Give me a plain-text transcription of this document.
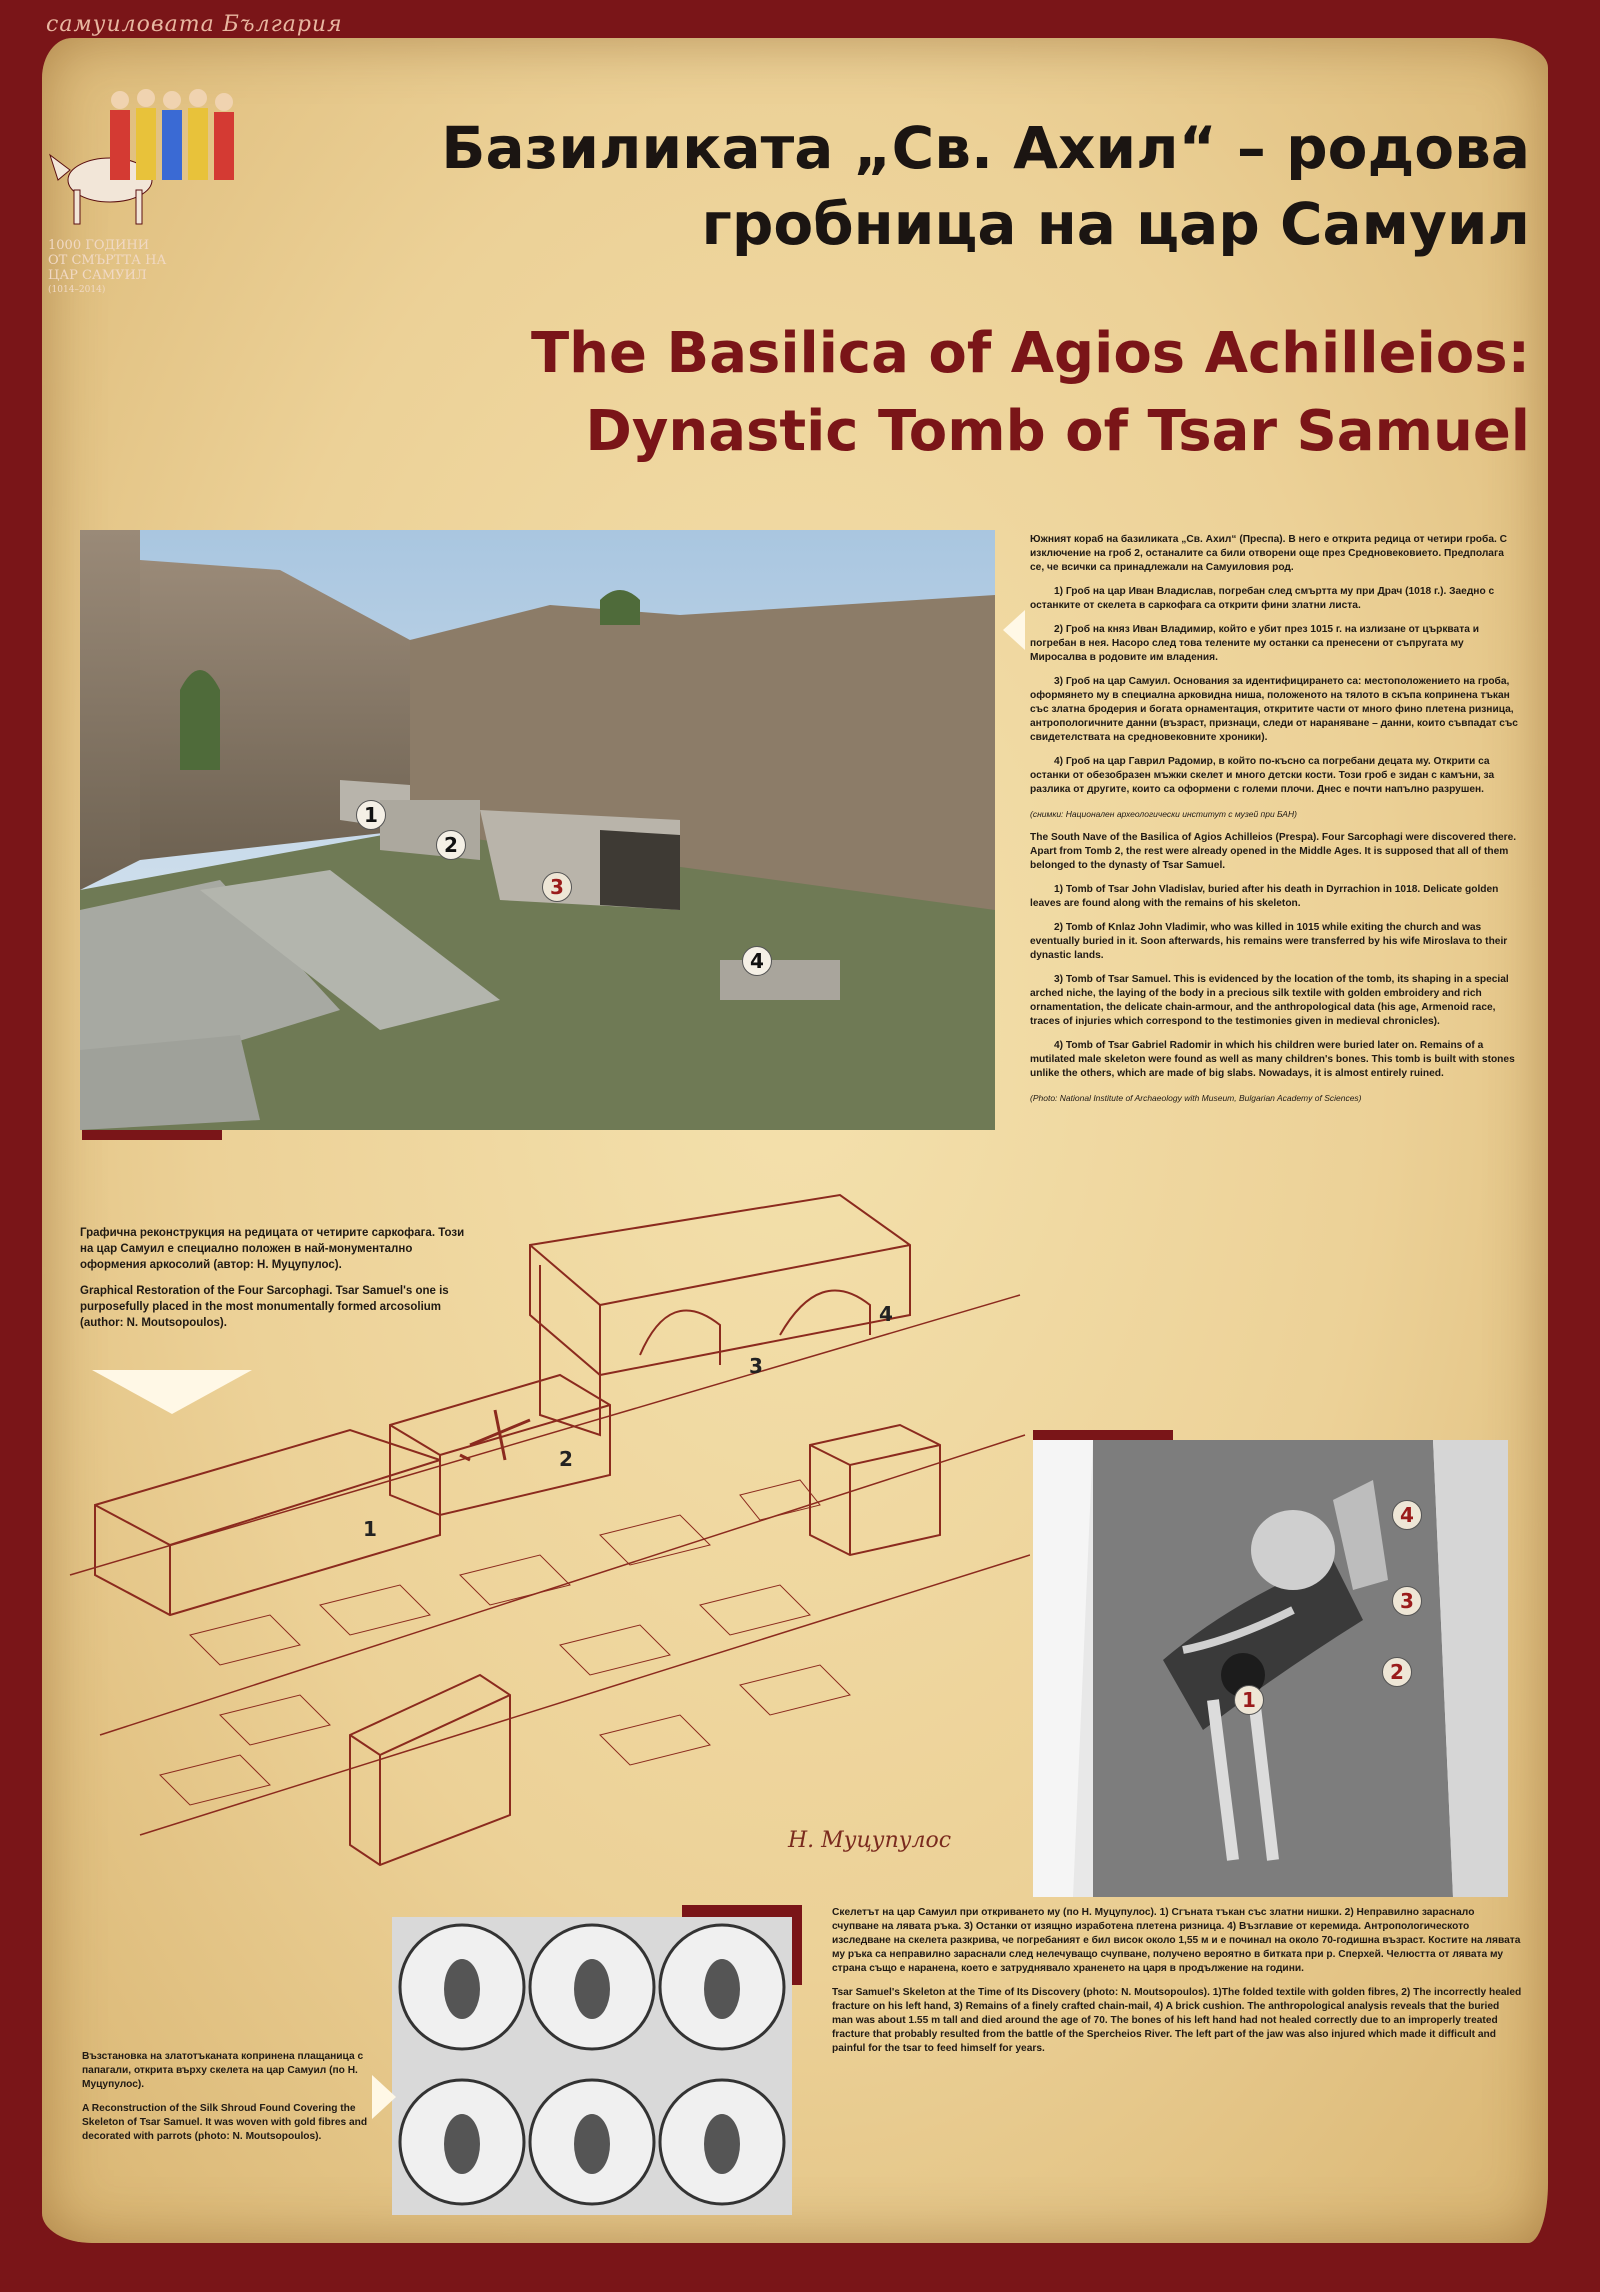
самуиловата България
1000 ГОДИНИ
ОТ СМЪРТТА НА
ЦАР САМУИЛ
(1014–2014)
Базиликата „Св. Ахил“ – родова
гробница на цар Самуил
The Basilica of Agios Achilleios:
Dynastic Tomb of Tsar Samuel
1
2
3
4

Южният кораб на базиликата „Св. Ахил“ (Преспа). В него е открита редица от четири гроба. С изключение на гроб 2, останалите са били отворени още през Средновековието. Предполага се, че всички са принадлежали на Самуиловия род.

1) Гроб на цар Иван Владислав, погребан след смъртта му при Драч (1018 г.). Заедно с останките от скелета в саркофага са открити фини златни листа.

2) Гроб на княз Иван Владимир, който е убит през 1015 г. на излизане от църквата и погребан в нея. Насоро след това телените му останки са пренесени от съпругата му Миросалва в родовите им владения.

3) Гроб на цар Самуил. Основания за идентифицирането са: местоположението на гроба, оформянето му в специална арковидна ниша, положеното на тялото в скъпа копринена тъкан със златна бродерия и богата орнаментация, откритите части от много фино плетена ризница, антропологичните данни (възраст, признаци, следи от нараняване – данни, които съвпадат със свидетелствата на средновековните хроники).

4) Гроб на цар Гаврил Радомир, в който по-късно са погребани децата му. Открити са останки от обезобразен мъжки скелет и много детски кости. Този гроб е зидан с камъни, за разлика от другите, които са оформени с големи плочи. Днес е почти напълно разрушен.

(снимки: Национален археологически институт с музей при БАН)

The South Nave of the Basilica of Agios Achilleios (Prespa). Four Sarcophagi were discovered there. Apart from Tomb 2, the rest were already opened in the Middle Ages. It is supposed that all of them belonged to the dynasty of Tsar Samuel.

1) Tomb of Tsar John Vladislav, buried after his death in Dyrrachion in 1018. Delicate golden leaves are found along with the remains of his skeleton.

2) Tomb of Knlaz John Vladimir, who was killed in 1015 while exiting the church and was eventually buried in it. Soon afterwards, his remains were transferred by his wife Miroslava to their dynastic lands.

3) Tomb of Tsar Samuel. This is evidenced by the location of the tomb, its shaping in a special arched niche, the laying of the body in a precious silk textile with golden embroidery and rich ornamentation, the delicate chain-armour, and the anthropological data (his age, Armenoid race, traces of injuries which correspond to the testimonies given in medieval chronicles).

4) Tomb of Tsar Gabriel Radomir in which his children were buried later on. Remains of a mutilated male skeleton were found as well as many children's bones. This tomb is built with stones unlike the others, which are made of big slabs. Nowadays, it is almost entirely ruined.

(Photo: National Institute of Archaeology with Museum, Bulgarian Academy of Sciences)

Графична реконструкция на редицата от четирите саркофага. Този на цар Самуил е специално положен в най-монументално оформения аркосолий (автор: Н. Муцупулос).

Graphical Restoration of the Four Sarcophagi. Tsar Samuel's one is purposefully placed in the most monumentally formed arcosolium (author: N. Moutsopoulos).

Н. Муцупулос
1
2
3
4
1
2
3
4

Скелетът на цар Самуил при откриването му (по Н. Муцупулос). 1) Сгъната тъкан със златни нишки. 2) Неправилно зарасналo счупване на лявата ръка. 3) Останки от изящно изработена плетена ризница. 4) Възглавие от керемида. Антропологическото изследване на скелета разкрива, че погребаният е бил висок около 1,55 м и е починал на около 70-годишна възраст. Костите на лявата му ръка са неправилно зараснали след нелечуващо счупване, получено вероятно в битката при р. Сперхей. Челюстта от лявата му страна също е наранена, което е затруднявало храненето на царя в продължение на години.

Tsar Samuel's Skeleton at the Time of Its Discovery (photo: N. Moutsopoulos). 1)The folded textile with golden fibres, 2) The incorrectly healed fracture on his left hand, 3) Remains of a finely crafted chain-mail, 4) A brick cushion. The anthropological analysis reveals that the buried man was about 1.55 m tall and died around the age of 70. The bones of his left hand had not healed correctly due to an improperly treated fracture that probably resulted from the battle of the Spercheios River. The left part of the jaw was also injured which made it difficult and painful for the tsar to feed himself for years.

Възстановка на златотъканата копринена плащаница с папагали, открита върху скелета на цар Самуил (по Н. Муцупулос).

A Reconstruction of the Silk Shroud Found Covering the Skeleton of Tsar Samuel. It was woven with gold fibres and decorated with parrots (photo: N. Moutsopoulos).
